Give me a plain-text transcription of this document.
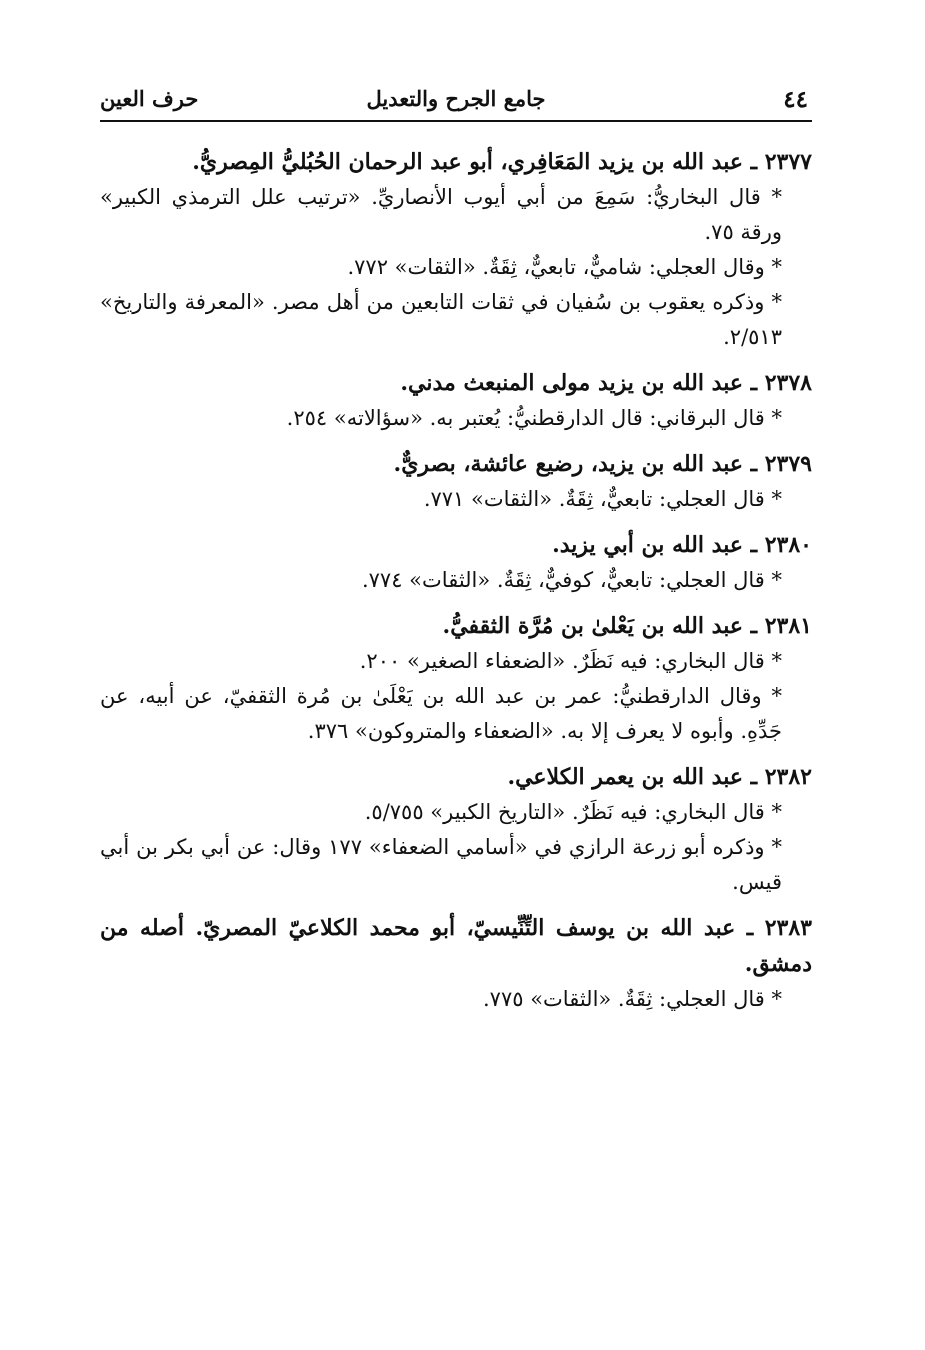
٤٤
جامع الجرح والتعديل
حرف العين

٢٣٧٧ ـ عبد الله بن يزيد المَعَافِري، أبو عبد الرحمان الحُبُليُّ المِصريُّ.

* قال البخاريُّ: سَمِعَ من أبي أيوب الأنصاريِّ. «ترتيب علل الترمذي الكبير» ورقة ٧٥.

* وقال العجلي: شاميٌّ، تابعيٌّ، ثِقَةٌ. «الثقات» ٧٧٢.

* وذكره يعقوب بن سُفيان في ثقات التابعين من أهل مصر. «المعرفة والتاريخ» ٢/٥١٣.

٢٣٧٨ ـ عبد الله بن يزيد مولى المنبعث مدني.

* قال البرقاني: قال الدارقطنيُّ: يُعتبر به. «سؤالاته» ٢٥٤.

٢٣٧٩ ـ عبد الله بن يزيد، رضيع عائشة، بصريٌّ.

* قال العجلي: تابعيٌّ، ثِقَةٌ. «الثقات» ٧٧١.

٢٣٨٠ ـ عبد الله بن أبي يزيد.

* قال العجلي: تابعيٌّ، كوفيٌّ، ثِقَةٌ. «الثقات» ٧٧٤.

٢٣٨١ ـ عبد الله بن يَعْلىٰ بن مُرَّة الثقفيُّ.

* قال البخاري: فيه نَظَرٌ. «الضعفاء الصغير» ٢٠٠.

* وقال الدارقطنيُّ: عمر بن عبد الله بن يَعْلَىٰ بن مُرة الثقفيّ، عن أبيه، عن جَدِّهِ. وأبوه لا يعرف إلا به. «الضعفاء والمتروكون» ٣٧٦.

٢٣٨٢ ـ عبد الله بن يعمر الكلاعي.

* قال البخاري: فيه نَظَرٌ. «التاريخ الكبير» ٥/٧٥٥.

* وذكره أبو زرعة الرازي في «أسامي الضعفاء» ١٧٧ وقال: عن أبي بكر بن أبي قيس.

٢٣٨٣ ـ عبد الله بن يوسف التِّنِّيسيّ، أبو محمد الكلاعيّ المصريّ. أصله من دمشق.

* قال العجلي: ثِقَةٌ. «الثقات» ٧٧٥.
